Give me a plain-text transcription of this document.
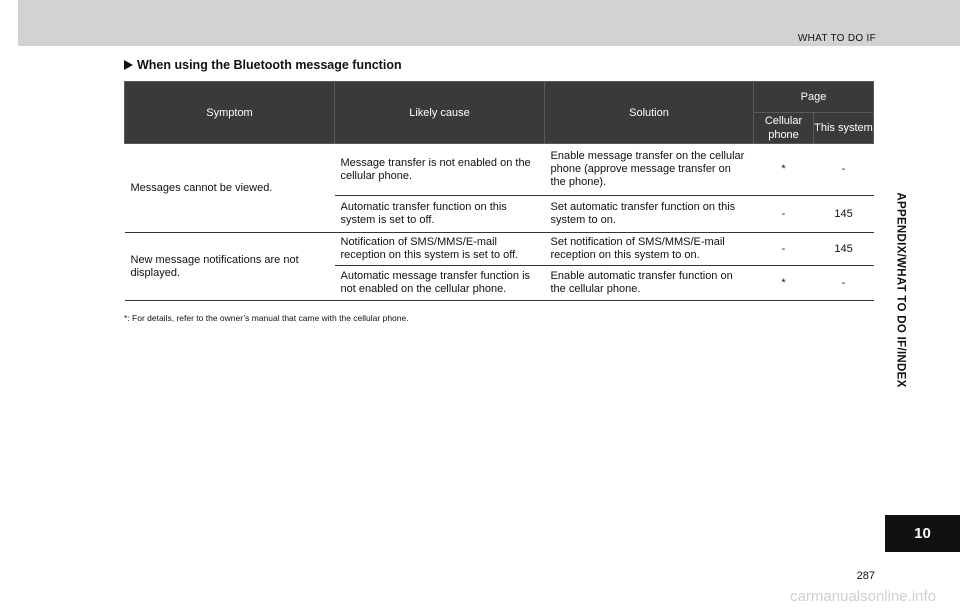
WHAT TO DO IF
When using the Bluetooth message function
Symptom	Likely cause	Solution	Page	
			Cellular phone	This system
Messages cannot be viewed.	Message transfer is not enabled on the cellular phone.	Enable message transfer on the cellular phone (approve message transfer on the phone).	*	-
	Automatic transfer function on this system is set to off.	Set automatic transfer function on this system to on.	-	145
New message notifications are not displayed.	Notification of SMS/MMS/E-mail reception on this system is set to off.	Set notification of SMS/MMS/E-mail reception on this system to on.	-	145
	Automatic message transfer function is not enabled on the cellular phone.	Enable automatic transfer function on the cellular phone.	*	-
*: For details, refer to the owner’s manual that came with the cellular phone.	APPENDIX/WHAT TO DO IF/INDEX
10
287
carmanualsonline.info
